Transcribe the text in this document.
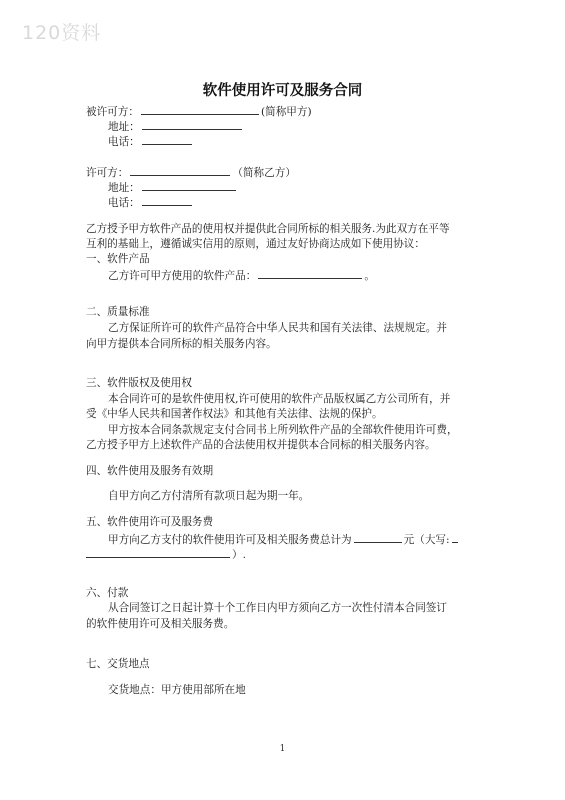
120资料
软件使用许可及服务合同
被许可方：	(简称甲方)
地址：
电话：
许可方：	（简称乙方）
地址：
电话：
乙方授予甲方软件产品的使用权并提供此合同所标的相关服务.为此双方在平等
互利的基础上，遵循诚实信用的原则，通过友好协商达成如下使用协议：
一、软件产品
乙方许可甲方使用的软件产品：	。
二、质量标准
乙方保证所许可的软件产品符合中华人民共和国有关法律、法规规定。并
向甲方提供本合同所标的相关服务内容。
三、软件版权及使用权
本合同许可的是软件使用权,许可使用的软件产品版权属乙方公司所有，并
受《中华人民共和国著作权法》和其他有关法律、法规的保护。
甲方按本合同条款规定支付合同书上所列软件产品的全部软件使用许可费，
乙方授予甲方上述软件产品的合法使用权并提供本合同标的相关服务内容。
四、软件使用及服务有效期
自甲方向乙方付清所有款项日起为期一年。
五、软件使用许可及服务费
甲方向乙方支付的软件使用许可及相关服务费总计为	元（大写:
）.
六、付款
从合同签订之日起计算十个工作日内甲方须向乙方一次性付清本合同签订
的软件使用许可及相关服务费。
七、交货地点
交货地点：甲方使用部所在地
1
